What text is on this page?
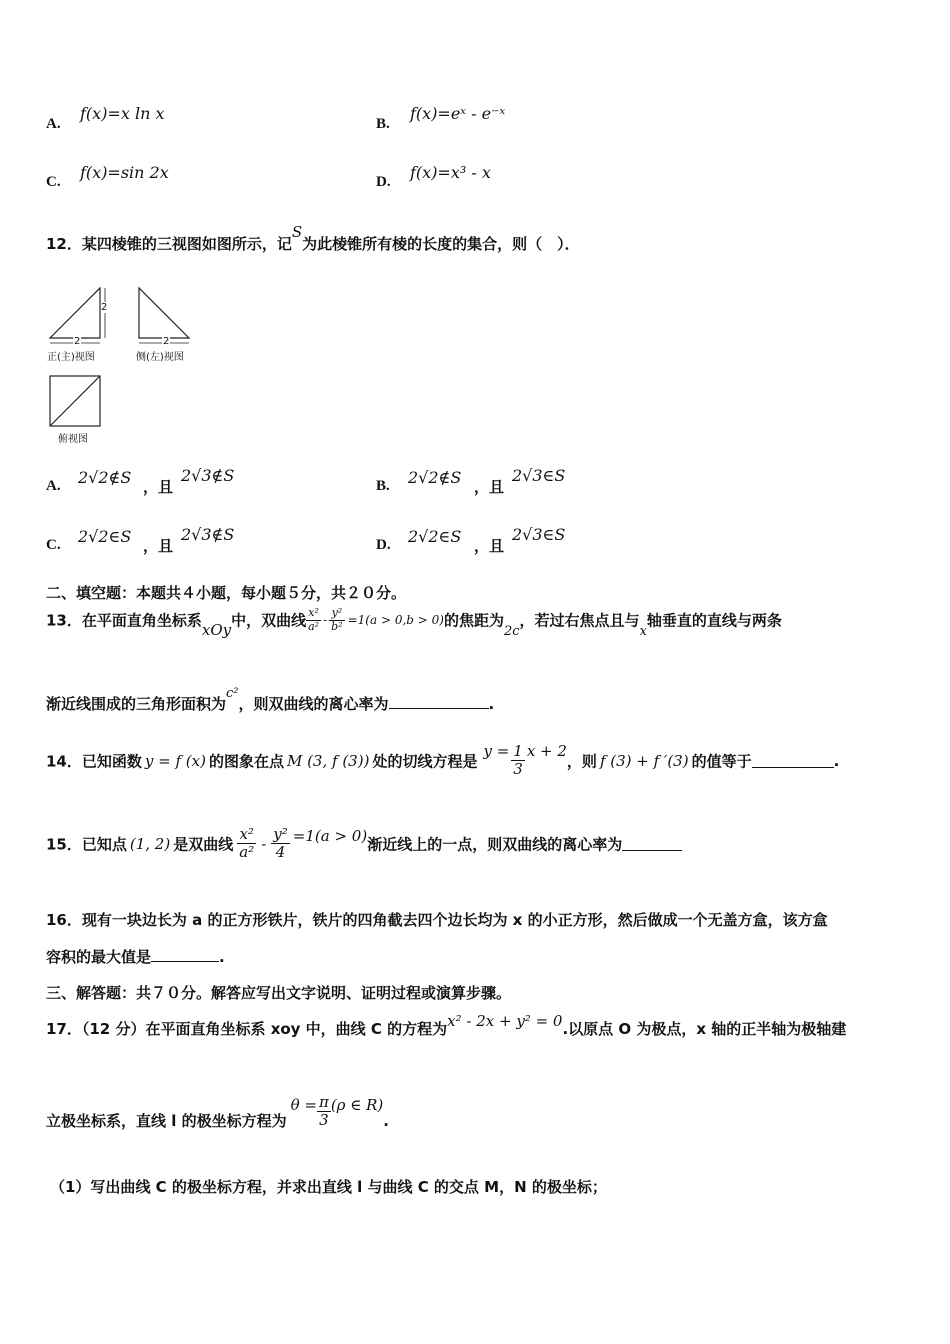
A.
f(x)=x ln x
B.
f(x)=eˣ - e⁻ˣ
C. f(x)=sin 2x	D. f(x)=x³ - x
12．某四棱锥的三视图如图所示，记S为此棱锥所有棱的长度的集合，则（　）．
2
2
2
正(主)视图	侧(左)视图
俯视图
A. 2√2∉S ，且
2√3∉S
B. 2√2∉S ，且
2√3∈S
C. 2√2∈S ，且
2√3∉S
D. 2√2∈S ，且
2√3∈S
二、填空题：本题共４小题，每小题５分，共２０分。
13．在平面直角坐标系xOy中，双曲线 $\frac{\text{x²}}{\text{a²}} - \frac{\text{y²}}{\text{b²}} =1(a > 0,b > 0)$的焦距为2c，若过右焦点且与x轴垂直的直线与两条
渐近线围成的三角形面积为c²，则双曲线的离心率为	.
14．已知函数 y = f (x) 的图象在点 M (3, f (3)) 处的切线方程是$y = \frac{1}{3}$ x + 2，则 f (3) + f ′(3) 的值等于	.
15．已知点 (1, 2) 是双曲线 $\frac{\text{x²}}{\text{a²}} - \frac{\text{y²}}{4} =1(a > 0)$渐近线上的一点，则双曲线的离心率为
16．现有一块边长为 a 的正方形铁片，铁片的四角截去四个边长均为 x 的小正方形，然后做成一个无盖方盒，该方盒
容积的最大值是	.
三、解答题：共７０分。解答应写出文字说明、证明过程或演算步骤。
17．（12 分）在平面直角坐标系 xoy 中，曲线 C 的方程为x² - 2x + y² = 0.以原点 O 为极点，x 轴的正半轴为极轴建
立极坐标系，直线 l 的极坐标方程为$\theta = \frac{\pi}{3} (\rho$ ∈ R).
（1）写出曲线 C 的极坐标方程，并求出直线 l 与曲线 C 的交点 M，N 的极坐标；
